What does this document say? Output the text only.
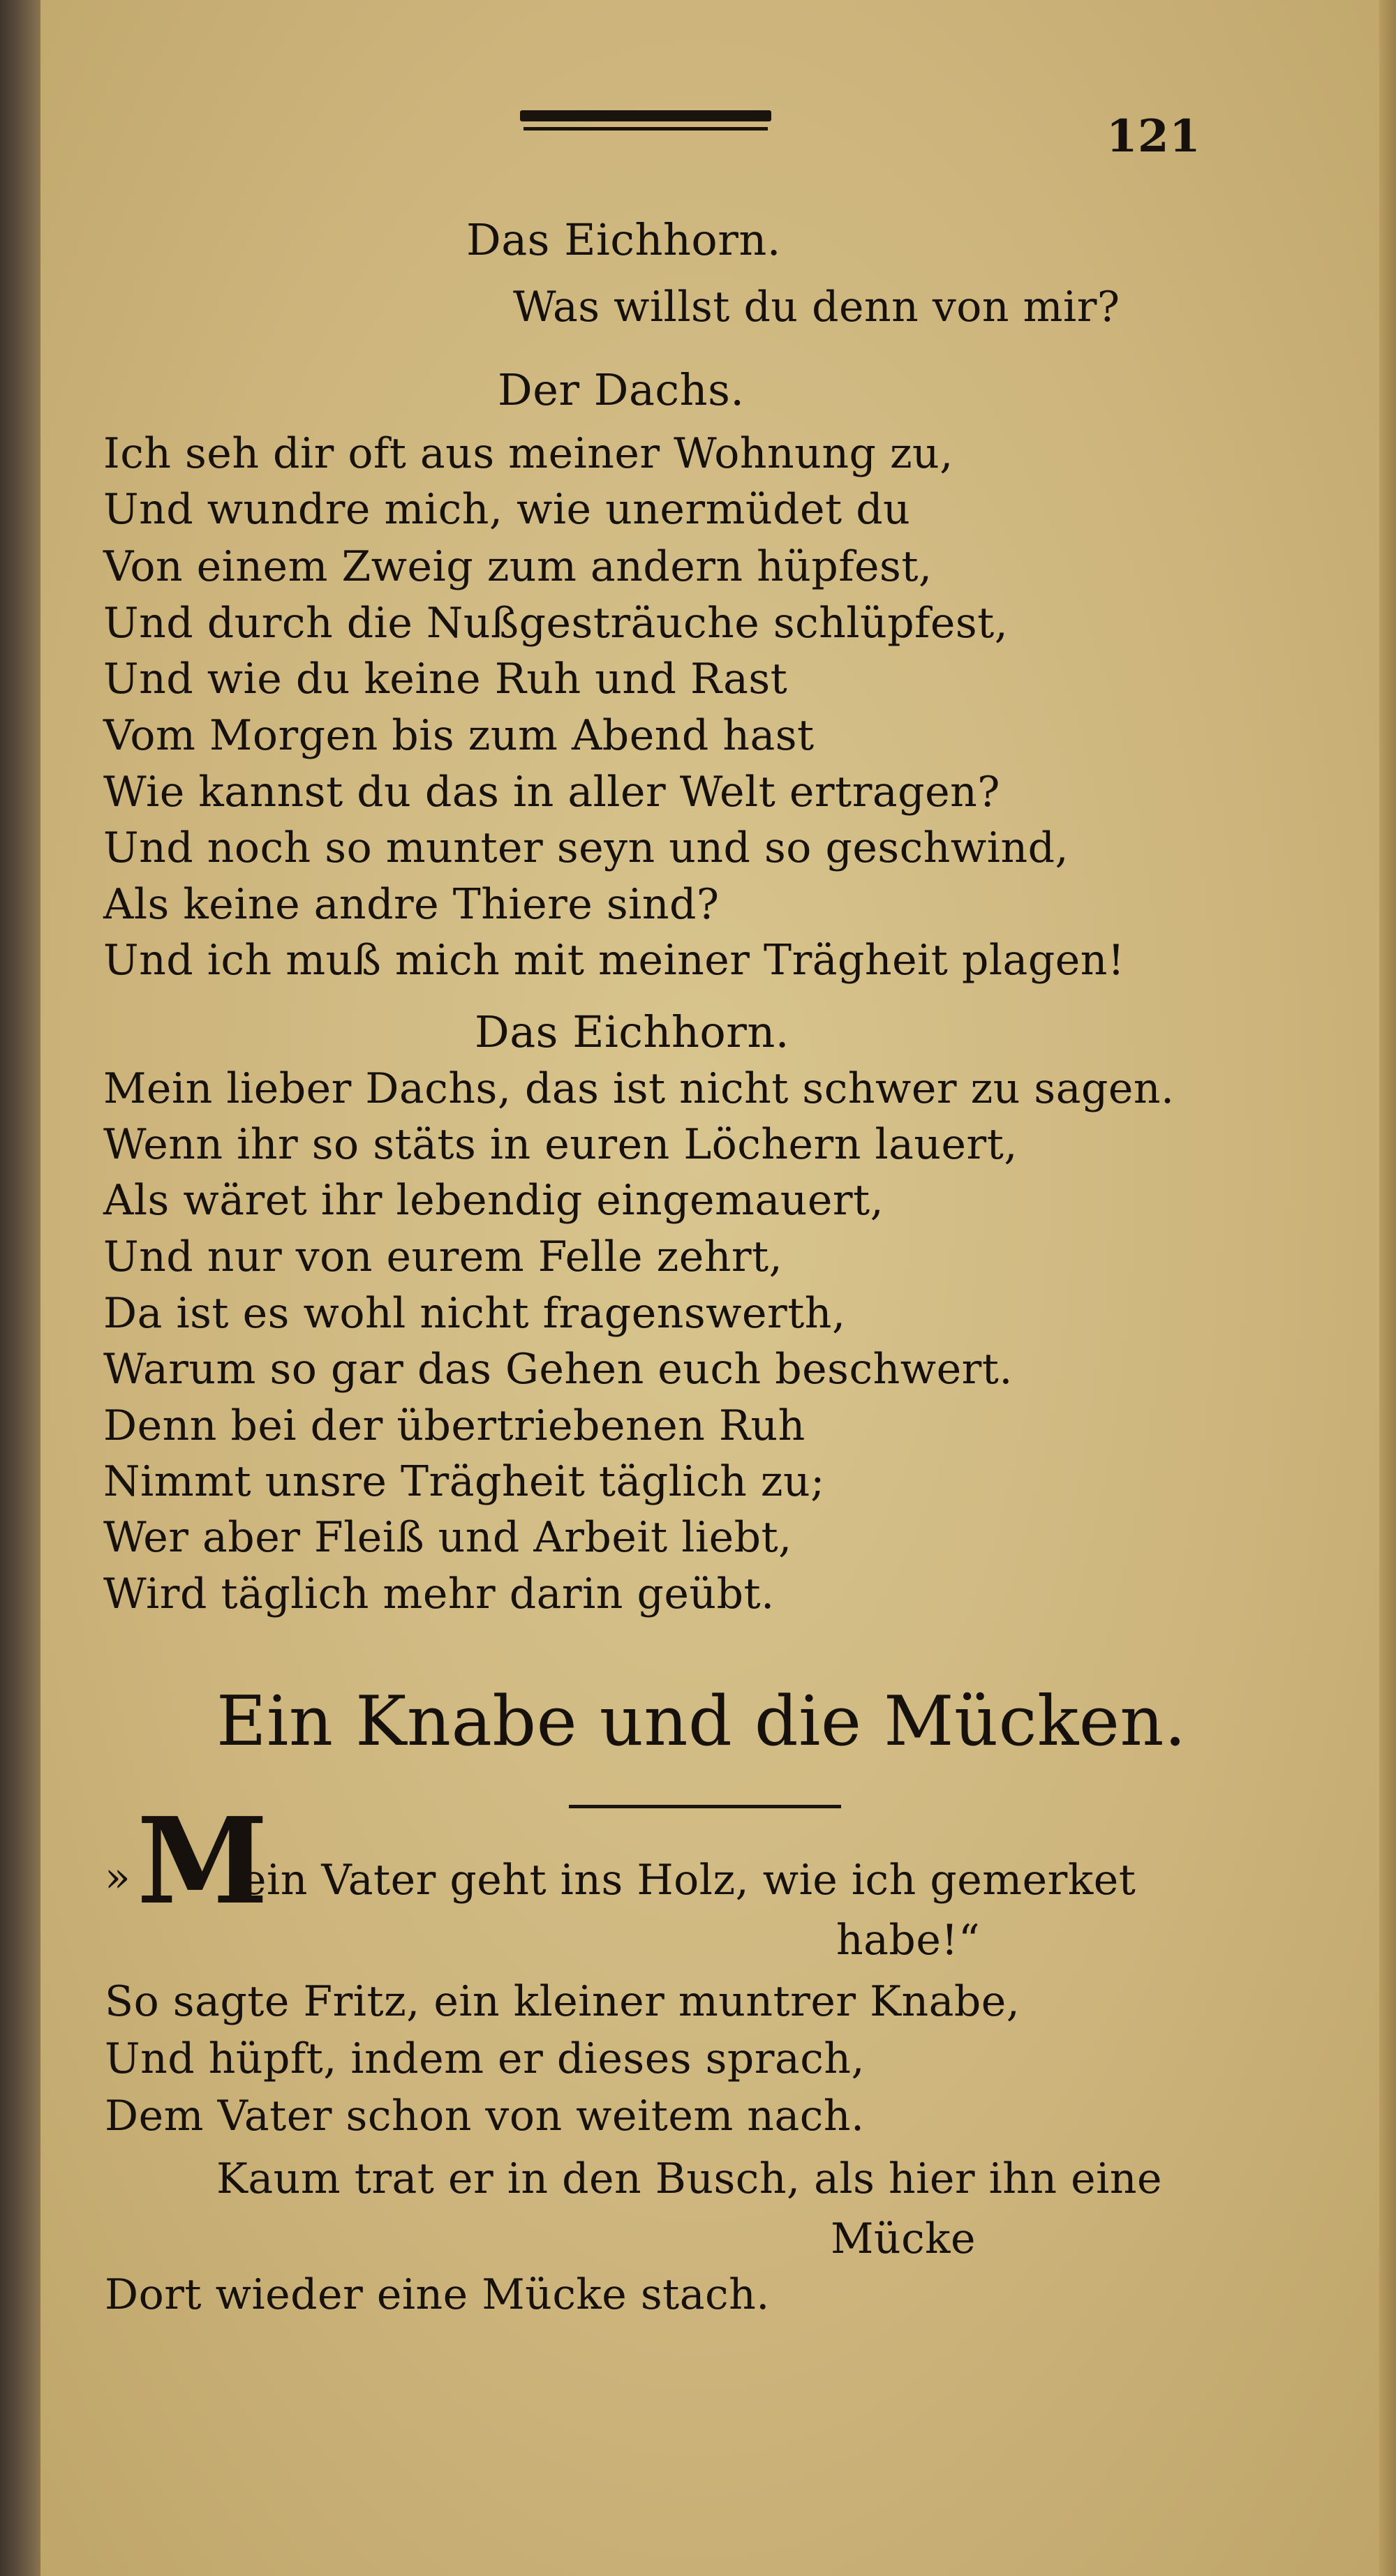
121
Das Eichhorn.
Was willst du denn von mir?
Der Dachs.
Ich seh dir oft aus meiner Wohnung zu,
Und wundre mich, wie unermüdet du
Von einem Zweig zum andern hüpfest,
Und durch die Nußgesträuche schlüpfest,
Und wie du keine Ruh und Rast
Vom Morgen bis zum Abend hast
Wie kannst du das in aller Welt ertragen?
Und noch so munter seyn und so geschwind,
Als keine andre Thiere sind?
Und ich muß mich mit meiner Trägheit plagen!
Das Eichhorn.
Mein lieber Dachs, das ist nicht schwer zu sagen.
Wenn ihr so stäts in euren Löchern lauert,
Als wäret ihr lebendig eingemauert,
Und nur von eurem Felle zehrt,
Da ist es wohl nicht fragenswerth,
Warum so gar das Gehen euch beschwert.
Denn bei der übertriebenen Ruh
Nimmt unsre Trägheit täglich zu;
Wer aber Fleiß und Arbeit liebt,
Wird täglich mehr darin geübt.
Ein Knabe und die Mücken.
» M
ein Vater geht ins Holz, wie ich gemerket
habe!“
So sagte Fritz, ein kleiner muntrer Knabe,
Und hüpft, indem er dieses sprach,
Dem Vater schon von weitem nach.
Kaum trat er in den Busch, als hier ihn eine
Mücke
Dort wieder eine Mücke stach.
